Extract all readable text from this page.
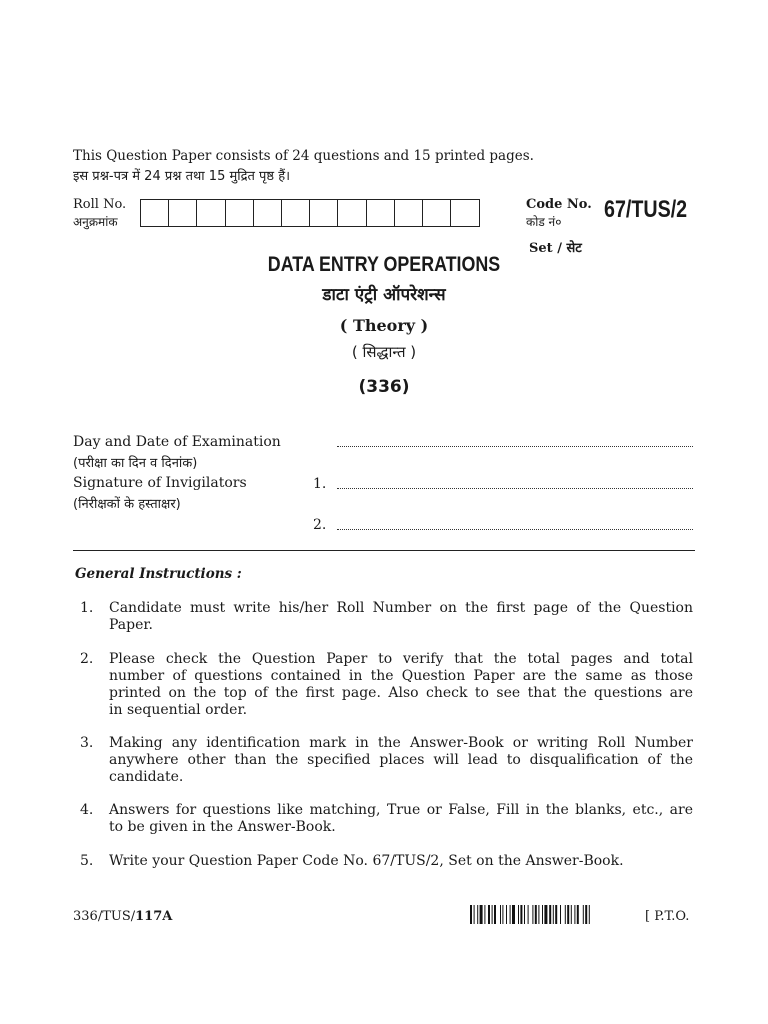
This Question Paper consists of 24 questions and 15 printed pages.
इस प्रश्न-पत्र में 24 प्रश्न तथा 15 मुद्रित पृष्ठ हैं।
Roll No.
अनुक्रमांक
Code No.
कोड नं० 67/TUS/2
Set / सेट
DATA ENTRY OPERATIONS
डाटा एंट्री ऑपरेशन्स
( Theory )
( सिद्धान्त )
(336)
Day and Date of Examination
(परीक्षा का दिन व दिनांक)
Signature of Invigilators
(निरीक्षकों के हस्ताक्षर)
1.
2.
General Instructions :
1. Candidate must write his/her Roll Number on the first page of the Question
Paper.
2. Please check the Question Paper to verify that the total pages and total
number of questions contained in the Question Paper are the same as those
printed on the top of the first page. Also check to see that the questions are
in sequential order.
3. Making any identification mark in the Answer-Book or writing Roll Number
anywhere other than the specified places will lead to disqualification of the
candidate.
4. Answers for questions like matching, True or False, Fill in the blanks, etc., are
to be given in the Answer-Book.
5. Write your Question Paper Code No. 67/TUS/2, Set on the Answer-Book.
336/TUS/117A	[ P.T.O.
